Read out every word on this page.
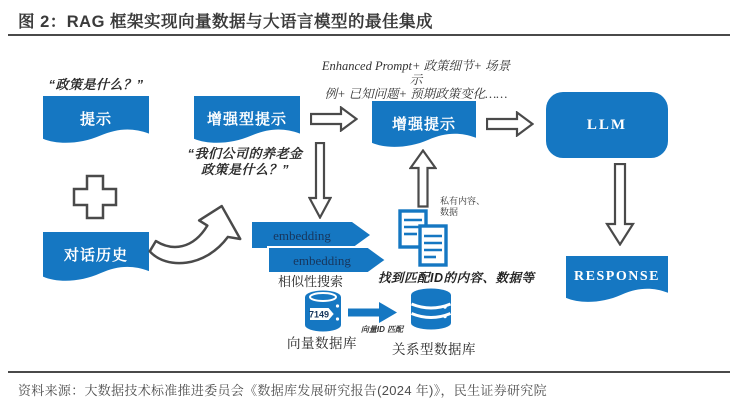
图 2：RAG 框架实现向量数据与大语言模型的最佳集成
“政策是什么？”
提示
对话历史
增强型提示
“我们公司的养老金
政策是什么？”
Enhanced Prompt+ 政策细节+ 场景示
例+ 已知问题+ 预期政策变化……
增强提示	LLM
RESPONSE
私有内容、
数据
embedding
embedding
相似性搜索	找到匹配ID的内容、数据等
7149
向量数据库
向量ID 匹配
关系型数据库
资料来源：大数据技术标准推进委员会《数据库发展研究报告(2024 年)》，民生证券研究院
